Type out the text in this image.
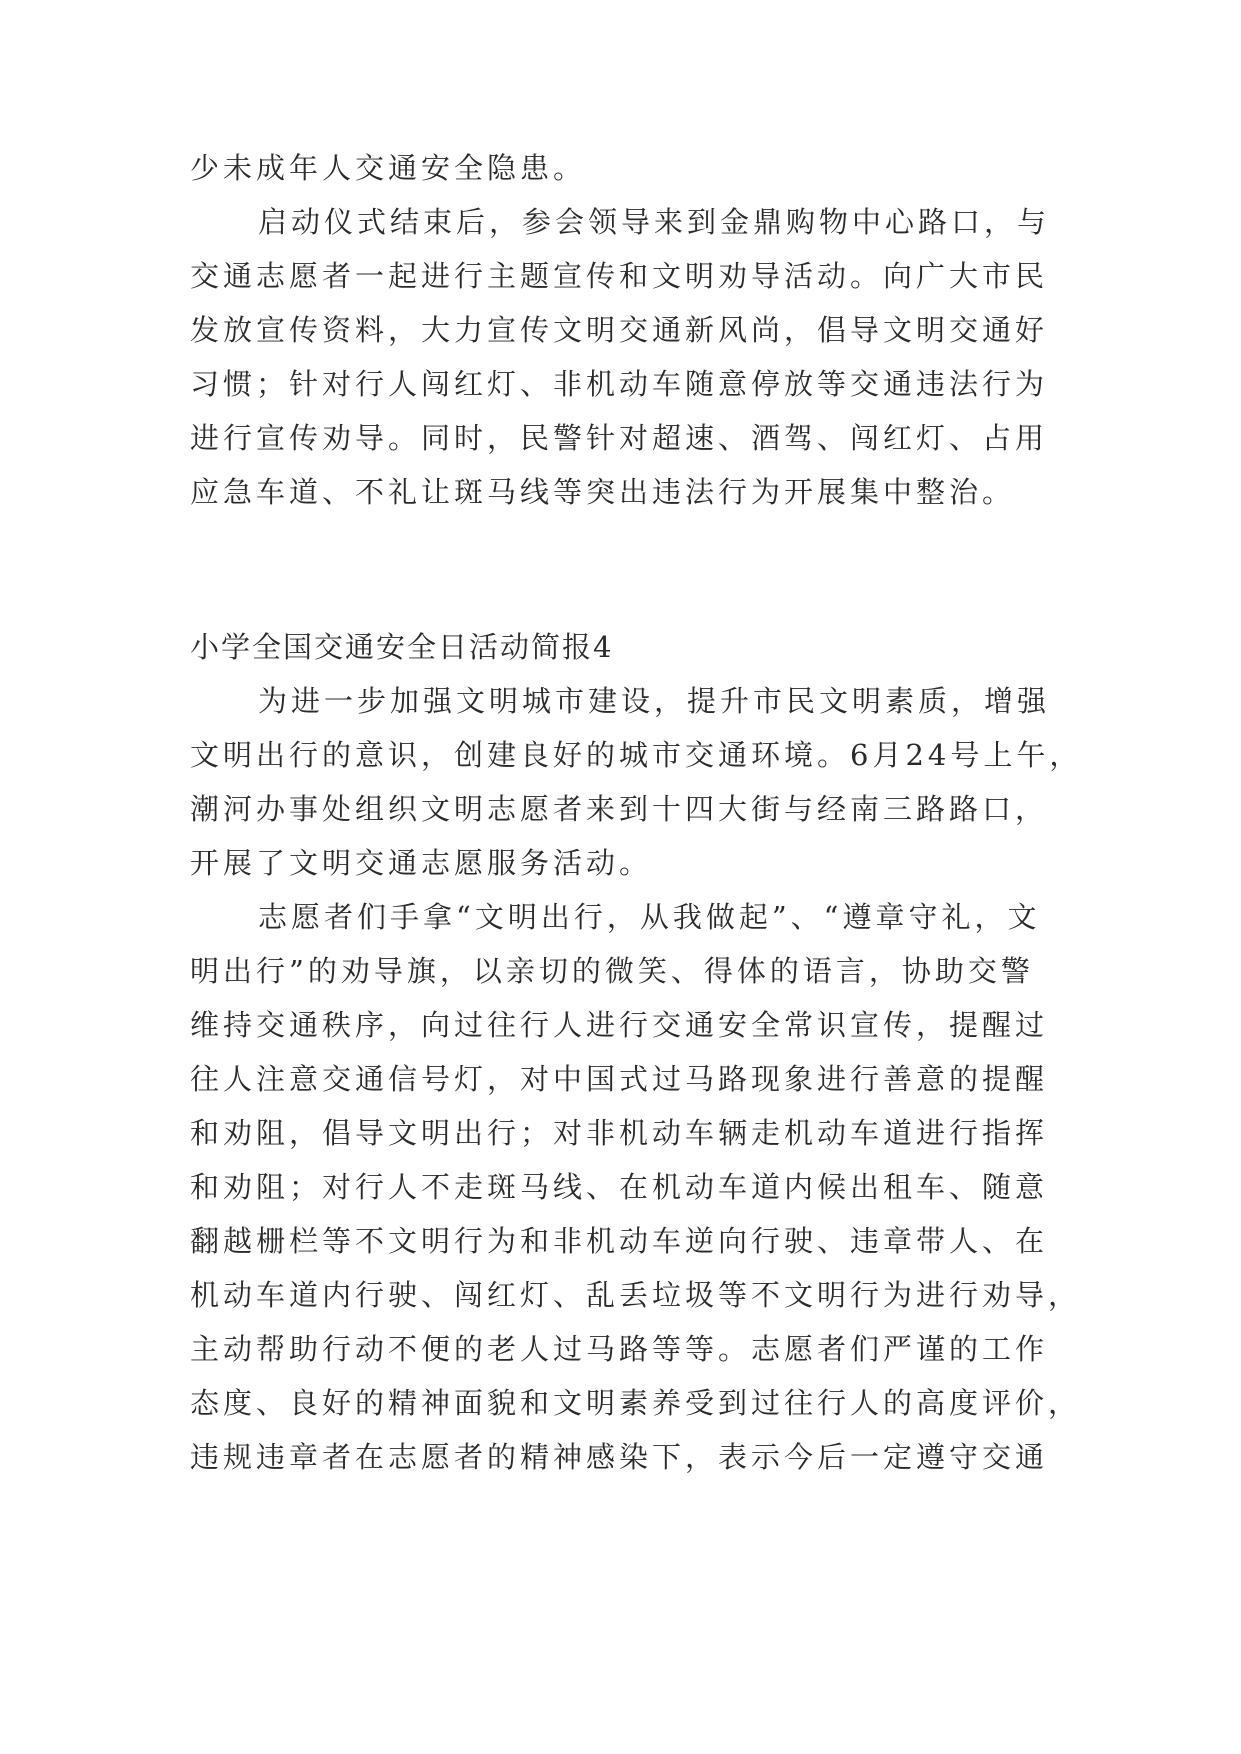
少未成年人交通安全隐患。
启动仪式结束后，参会领导来到金鼎购物中心路口，与
交通志愿者一起进行主题宣传和文明劝导活动。向广大市民
发放宣传资料，大力宣传文明交通新风尚，倡导文明交通好
习惯；针对行人闯红灯、非机动车随意停放等交通违法行为
进行宣传劝导。同时，民警针对超速、酒驾、闯红灯、占用
应急车道、不礼让斑马线等突出违法行为开展集中整治。
小学全国交通安全日活动简报4
为进一步加强文明城市建设，提升市民文明素质，增强
文明出行的意识，创建良好的城市交通环境。6月24号上午，
潮河办事处组织文明志愿者来到十四大街与经南三路路口，
开展了文明交通志愿服务活动。
志愿者们手拿“文明出行，从我做起”、“遵章守礼，文
明出行”的劝导旗，以亲切的微笑、得体的语言，协助交警
维持交通秩序，向过往行人进行交通安全常识宣传，提醒过
往人注意交通信号灯，对中国式过马路现象进行善意的提醒
和劝阻，倡导文明出行；对非机动车辆走机动车道进行指挥
和劝阻；对行人不走斑马线、在机动车道内候出租车、随意
翻越栅栏等不文明行为和非机动车逆向行驶、违章带人、在
机动车道内行驶、闯红灯、乱丢垃圾等不文明行为进行劝导，
主动帮助行动不便的老人过马路等等。志愿者们严谨的工作
态度、良好的精神面貌和文明素养受到过往行人的高度评价，
违规违章者在志愿者的精神感染下，表示今后一定遵守交通
